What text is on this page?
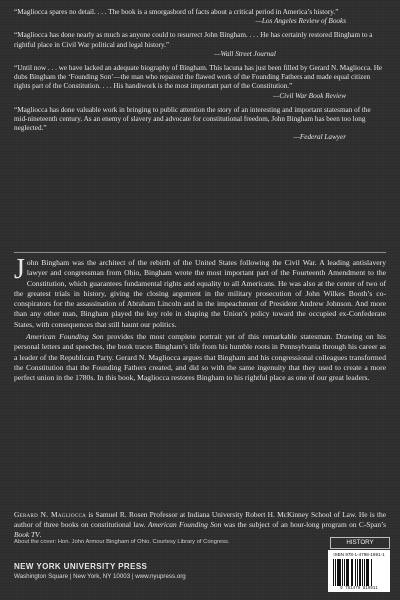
“Magliocca spares no detail. . . . The book is a smorgasbord of facts about a critical period in America’s history.”
—Los Angeles Review of Books
“Magliocca has done nearly as much as anyone could to resurrect John Bingham. . . . He has certainly restored Bingham to a rightful place in Civil War political and legal history.”
—Wall Street Journal
“Until now . . . we have lacked an adequate biography of Bingham. This lacuna has just been filled by Gerard N. Magliocca. He dubs Bingham the ‘Founding Son’—the man who repaired the flawed work of the Founding Fathers and made equal citizen rights part of the Constitution. . . . His handiwork is the most important part of the Constitution.”
—Civil War Book Review
“Magliocca has done valuable work in bringing to public attention the story of an interesting and important statesman of the mid-nineteenth century. As an enemy of slavery and advocate for constitutional freedom, John Bingham has been too long neglected.”
—Federal Lawyer

John Bingham was the architect of the rebirth of the United States following the Civil War. A leading antislavery lawyer and congressman from Ohio, Bingham wrote the most important part of the Fourteenth Amendment to the Constitution, which guarantees fundamental rights and equality to all Americans. He was also at the center of two of the greatest trials in history, giving the closing argument in the military prosecution of John Wilkes Booth’s co-conspirators for the assassination of Abraham Lincoln and in the impeachment of President Andrew Johnson. And more than any other man, Bingham played the key role in shaping the Union’s policy toward the occupied ex-Confederate States, with consequences that still haunt our politics.

American Founding Son provides the most complete portrait yet of this remarkable statesman. Drawing on his personal letters and speeches, the book traces Bingham’s life from his humble roots in Pennsylvania through his career as a leader of the Republican Party. Gerard N. Magliocca argues that Bingham and his congressional colleagues transformed the Constitution that the Founding Fathers created, and did so with the same ingenuity that they used to create a more perfect union in the 1780s. In this book, Magliocca restores Bingham to his rightful place as one of our great leaders.

Gerard N. Magliocca is Samuel R. Rosen Professor at Indiana University Robert H. McKinney School of Law. He is the author of three books on constitutional law. American Founding Son was the subject of an hour-long program on C-Span’s Book TV.
About the cover: Hon. John Armour Bingham of Ohio. Courtesy Library of Congress.
NEW YORK UNIVERSITY PRESS
Washington Square | New York, NY 10003 | www.nyupress.org
HISTORY
ISBN 978-1-4798-1991-1
9 781479 819911
